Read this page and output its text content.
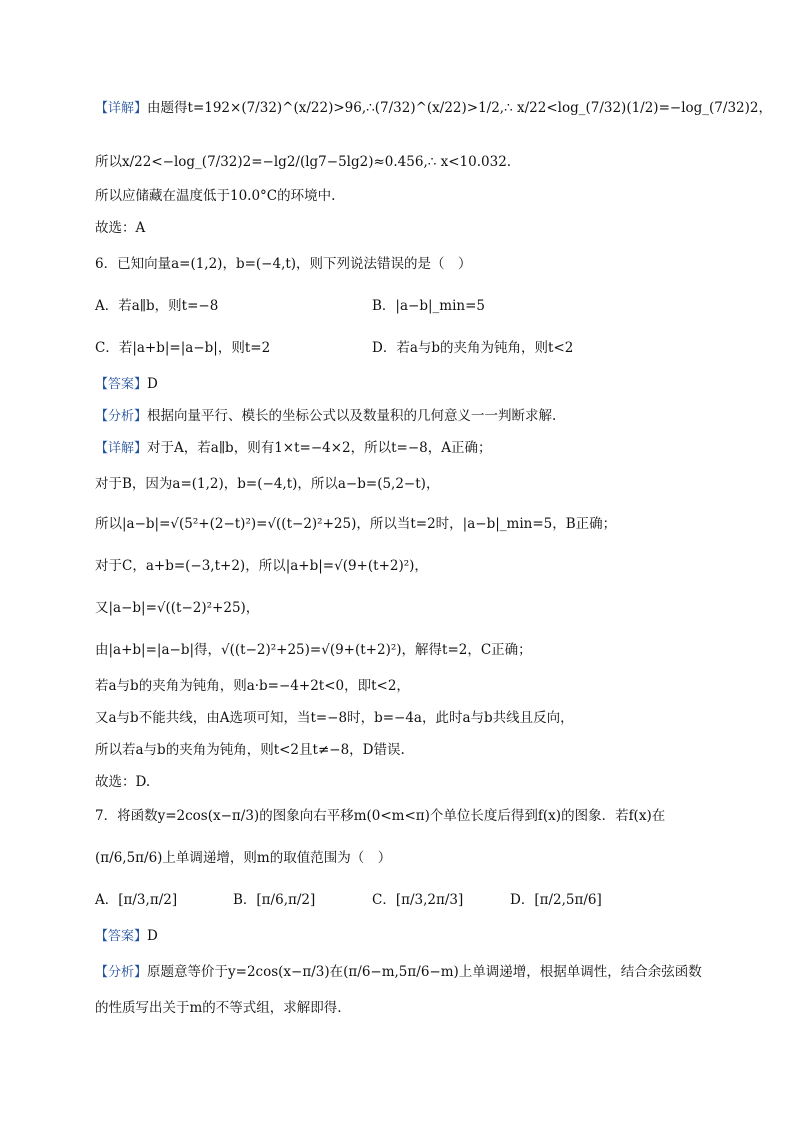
【详解】由题得t=192×(7/32)^(x/22)>96,∴(7/32)^(x/22)>1/2,∴ x/22<log_(7/32)(1/2)=−log_(7/32)2，
所以x/22<−log_(7/32)2=−lg2/(lg7−5lg2)≈0.456,∴ x<10.032.
所以应储藏在温度低于10.0°C的环境中.
故选：A
6．已知向量a=(1,2)，b=(−4,t)，则下列说法错误的是（　）
A．若a∥b，则t=−8	B．|a−b|_min=5
C．若|a+b|=|a−b|，则t=2	D．若a与b的夹角为钝角，则t<2
【答案】D
【分析】根据向量平行、模长的坐标公式以及数量积的几何意义一一判断求解.
【详解】对于A，若a∥b，则有1×t=−4×2，所以t=−8，A正确；
对于B，因为a=(1,2)，b=(−4,t)，所以a−b=(5,2−t)，
所以|a−b|=√(5²+(2−t)²)=√((t−2)²+25)，所以当t=2时，|a−b|_min=5，B正确；
对于C，a+b=(−3,t+2)，所以|a+b|=√(9+(t+2)²)，
又|a−b|=√((t−2)²+25)，
由|a+b|=|a−b|得，√((t−2)²+25)=√(9+(t+2)²)，解得t=2，C正确；
若a与b的夹角为钝角，则a·b=−4+2t<0，即t<2，
又a与b不能共线，由A选项可知，当t=−8时，b=−4a，此时a与b共线且反向，
所以若a与b的夹角为钝角，则t<2且t≠−8，D错误.
故选：D.
7．将函数y=2cos(x−π/3)的图象向右平移m(0<m<π)个单位长度后得到f(x)的图象．若f(x)在
(π/6,5π/6)上单调递增，则m的取值范围为（　）
A．[π/3,π/2]	B．[π/6,π/2]	C．[π/3,2π/3]	D．[π/2,5π/6]
【答案】D
【分析】原题意等价于y=2cos(x−π/3)在(π/6−m,5π/6−m)上单调递增，根据单调性，结合余弦函数
的性质写出关于m的不等式组，求解即得.
